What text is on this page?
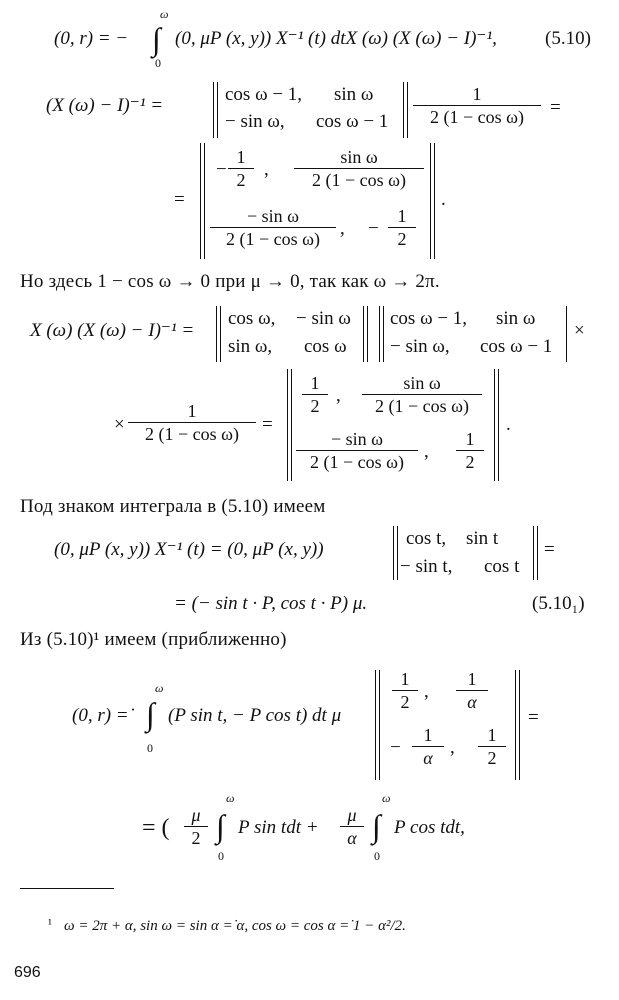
(0, r) = −
ω
∫
0
(0, μP (x, y)) X⁻¹ (t) dtX (ω) (X (ω) − I)⁻¹,	(5.10)
(X (ω) − I)⁻¹ =
cos ω − 1, sin ω
− sin ω, $\cos \omega - 1 \frac{1}{\text{2 (1 − cos ω)}}$ =
=
− $\frac{1}{2}$ , $\frac{\text{sin ω}}{\text{2 (1 − cos ω)}}$
$\frac{\text{− sin ω}}{\text{2 (1 − cos ω)}}$ , − $\frac{1}{2}$
.
Но здесь 1 − cos ω → 0 при μ → 0, так как ω → 2π.
X (ω) (X (ω) − I)⁻¹ =
cos ω, − sin ω
sin ω, cos ω
cos ω − 1, sin ω
− sin ω, cos ω − 1
×
× $\frac{1}{\text{2 (1 − cos ω)}}$ =
$\frac{1}{2}$ , $\frac{\text{sin ω}}{\text{2 (1 − cos ω)}}$
$\frac{\text{− sin ω}}{\text{2 (1 − cos ω)}}$ , $\frac{1}{2}$
.
Под знаком интеграла в (5.10) имеем
(0, μP (x, y)) X⁻¹ (t) = (0, μP (x, y))
cos t, sin t
− sin t, cos t
=
= (− sin t · P, cos t · P) μ.	(5.10₁)
Из (5.10)¹ имеем (приближенно)
(0, r) =̇
ω
∫
0
(P sin t, − P cos t) dt μ
$\frac{1}{2}$ , $\frac{1}{\alpha}$
− $\frac{1}{\alpha}$ , $\frac{1}{2}$
=
= ( $\frac{\mu}{2}$
ω
∫
0
P sin tdt + $\frac{\mu}{\alpha}$
ω
∫
0
P cos tdt,
¹ ω = 2π + α, sin ω = sin α =̇ α, cos ω = cos α =̇ 1 − α²/2.
696
